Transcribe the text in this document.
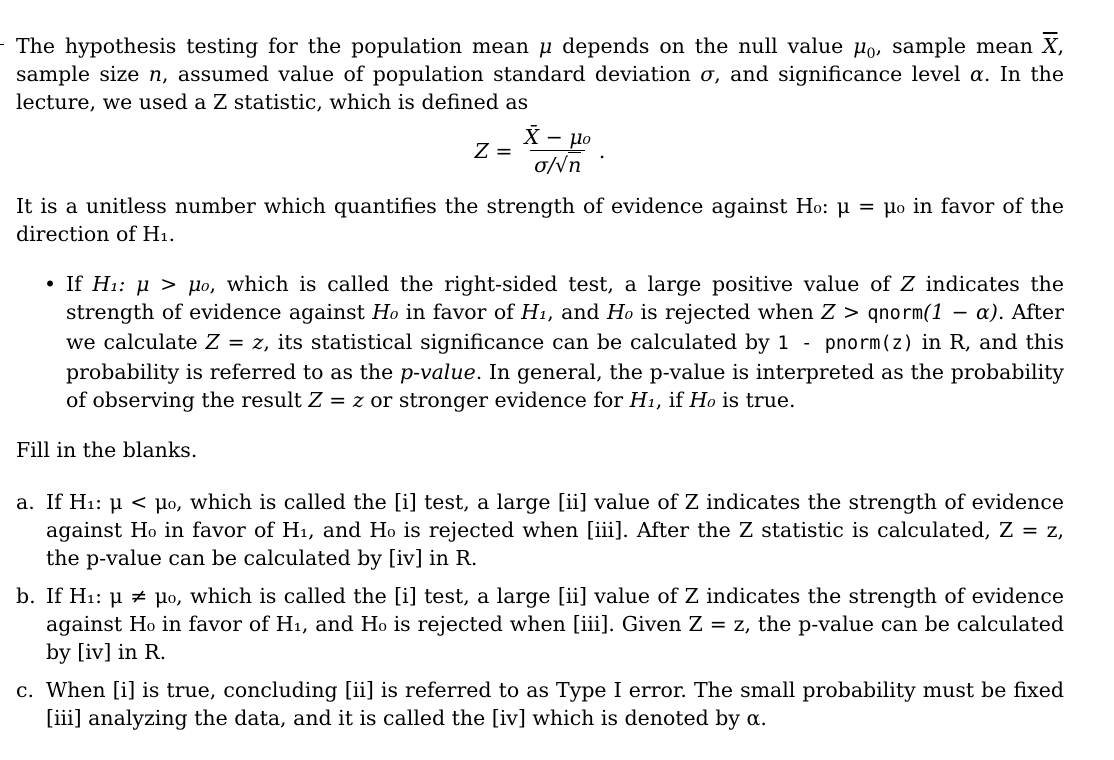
The hypothesis testing for the population mean μ depends on the null value $\mu_0$, sample mean $\overline{X}$, sample size n, assumed value of population standard deviation σ, and significance level α. In the lecture, we used a Z statistic, which is defined as

$Z = \frac{\text{X̄ − μ₀}}{\sigma/√n}$ .

It is a unitless number which quantifies the strength of evidence against H₀: μ = μ₀ in favor of the direction of H₁.

• If H₁: μ > μ₀, which is called the right-sided test, a large positive value of Z indicates the strength of evidence against H₀ in favor of H₁, and H₀ is rejected when Z > qnorm(1 − α). After we calculate Z = z, its statistical significance can be calculated by 1 - pnorm(z) in R, and this probability is referred to as the p-value. In general, the p-value is interpreted as the probability of observing the result Z = z or stronger evidence for H₁, if H₀ is true.

Fill in the blanks.

a. If H₁: μ < μ₀, which is called the [i] test, a large [ii] value of Z indicates the strength of evidence against H₀ in favor of H₁, and H₀ is rejected when [iii]. After the Z statistic is calculated, Z = z, the p-value can be calculated by [iv] in R.
b. If H₁: μ ≠ μ₀, which is called the [i] test, a large [ii] value of Z indicates the strength of evidence against H₀ in favor of H₁, and H₀ is rejected when [iii]. Given Z = z, the p-value can be calculated by [iv] in R.
c. When [i] is true, concluding [ii] is referred to as Type I error. The small probability must be fixed [iii] analyzing the data, and it is called the [iv] which is denoted by α.
